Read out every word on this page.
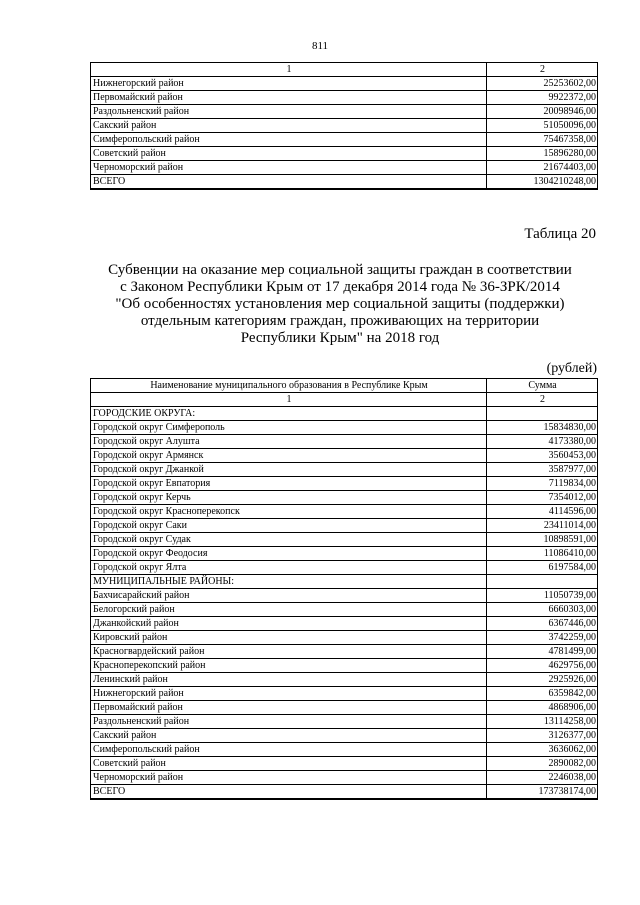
811
1	2
Нижнегорский район	25253602,00
Первомайский район	9922372,00
Раздольненский район	20098946,00
Сакский район	51050096,00
Симферопольский район	75467358,00
Советский район	15896280,00
Черноморский район	21674403,00
ВСЕГО	1304210248,00
Таблица 20
Субвенции на оказание мер социальной защиты граждан в соответствии
с Законом Республики Крым от 17 декабря 2014 года № 36-ЗРК/2014
"Об особенностях установления мер социальной защиты (поддержки)
отдельным категориям граждан, проживающих на территории
Республики Крым" на 2018 год
(рублей)
Наименование муниципального образования в Республике Крым	Сумма
1	2
ГОРОДСКИЕ ОКРУГА:	
Городской округ Симферополь	15834830,00
Городской округ Алушта	4173380,00
Городской округ Армянск	3560453,00
Городской округ Джанкой	3587977,00
Городской округ Евпатория	7119834,00
Городской округ Керчь	7354012,00
Городской округ Красноперекопск	4114596,00
Городской округ Саки	23411014,00
Городской округ Судак	10898591,00
Городской округ Феодосия	11086410,00
Городской округ Ялта	6197584,00
МУНИЦИПАЛЬНЫЕ РАЙОНЫ:	
Бахчисарайский район	11050739,00
Белогорский район	6660303,00
Джанкойский район	6367446,00
Кировский район	3742259,00
Красногвардейский район	4781499,00
Красноперекопский район	4629756,00
Ленинский район	2925926,00
Нижнегорский район	6359842,00
Первомайский район	4868906,00
Раздольненский район	13114258,00
Сакский район	3126377,00
Симферопольский район	3636062,00
Советский район	2890082,00
Черноморский район	2246038,00
ВСЕГО	173738174,00
